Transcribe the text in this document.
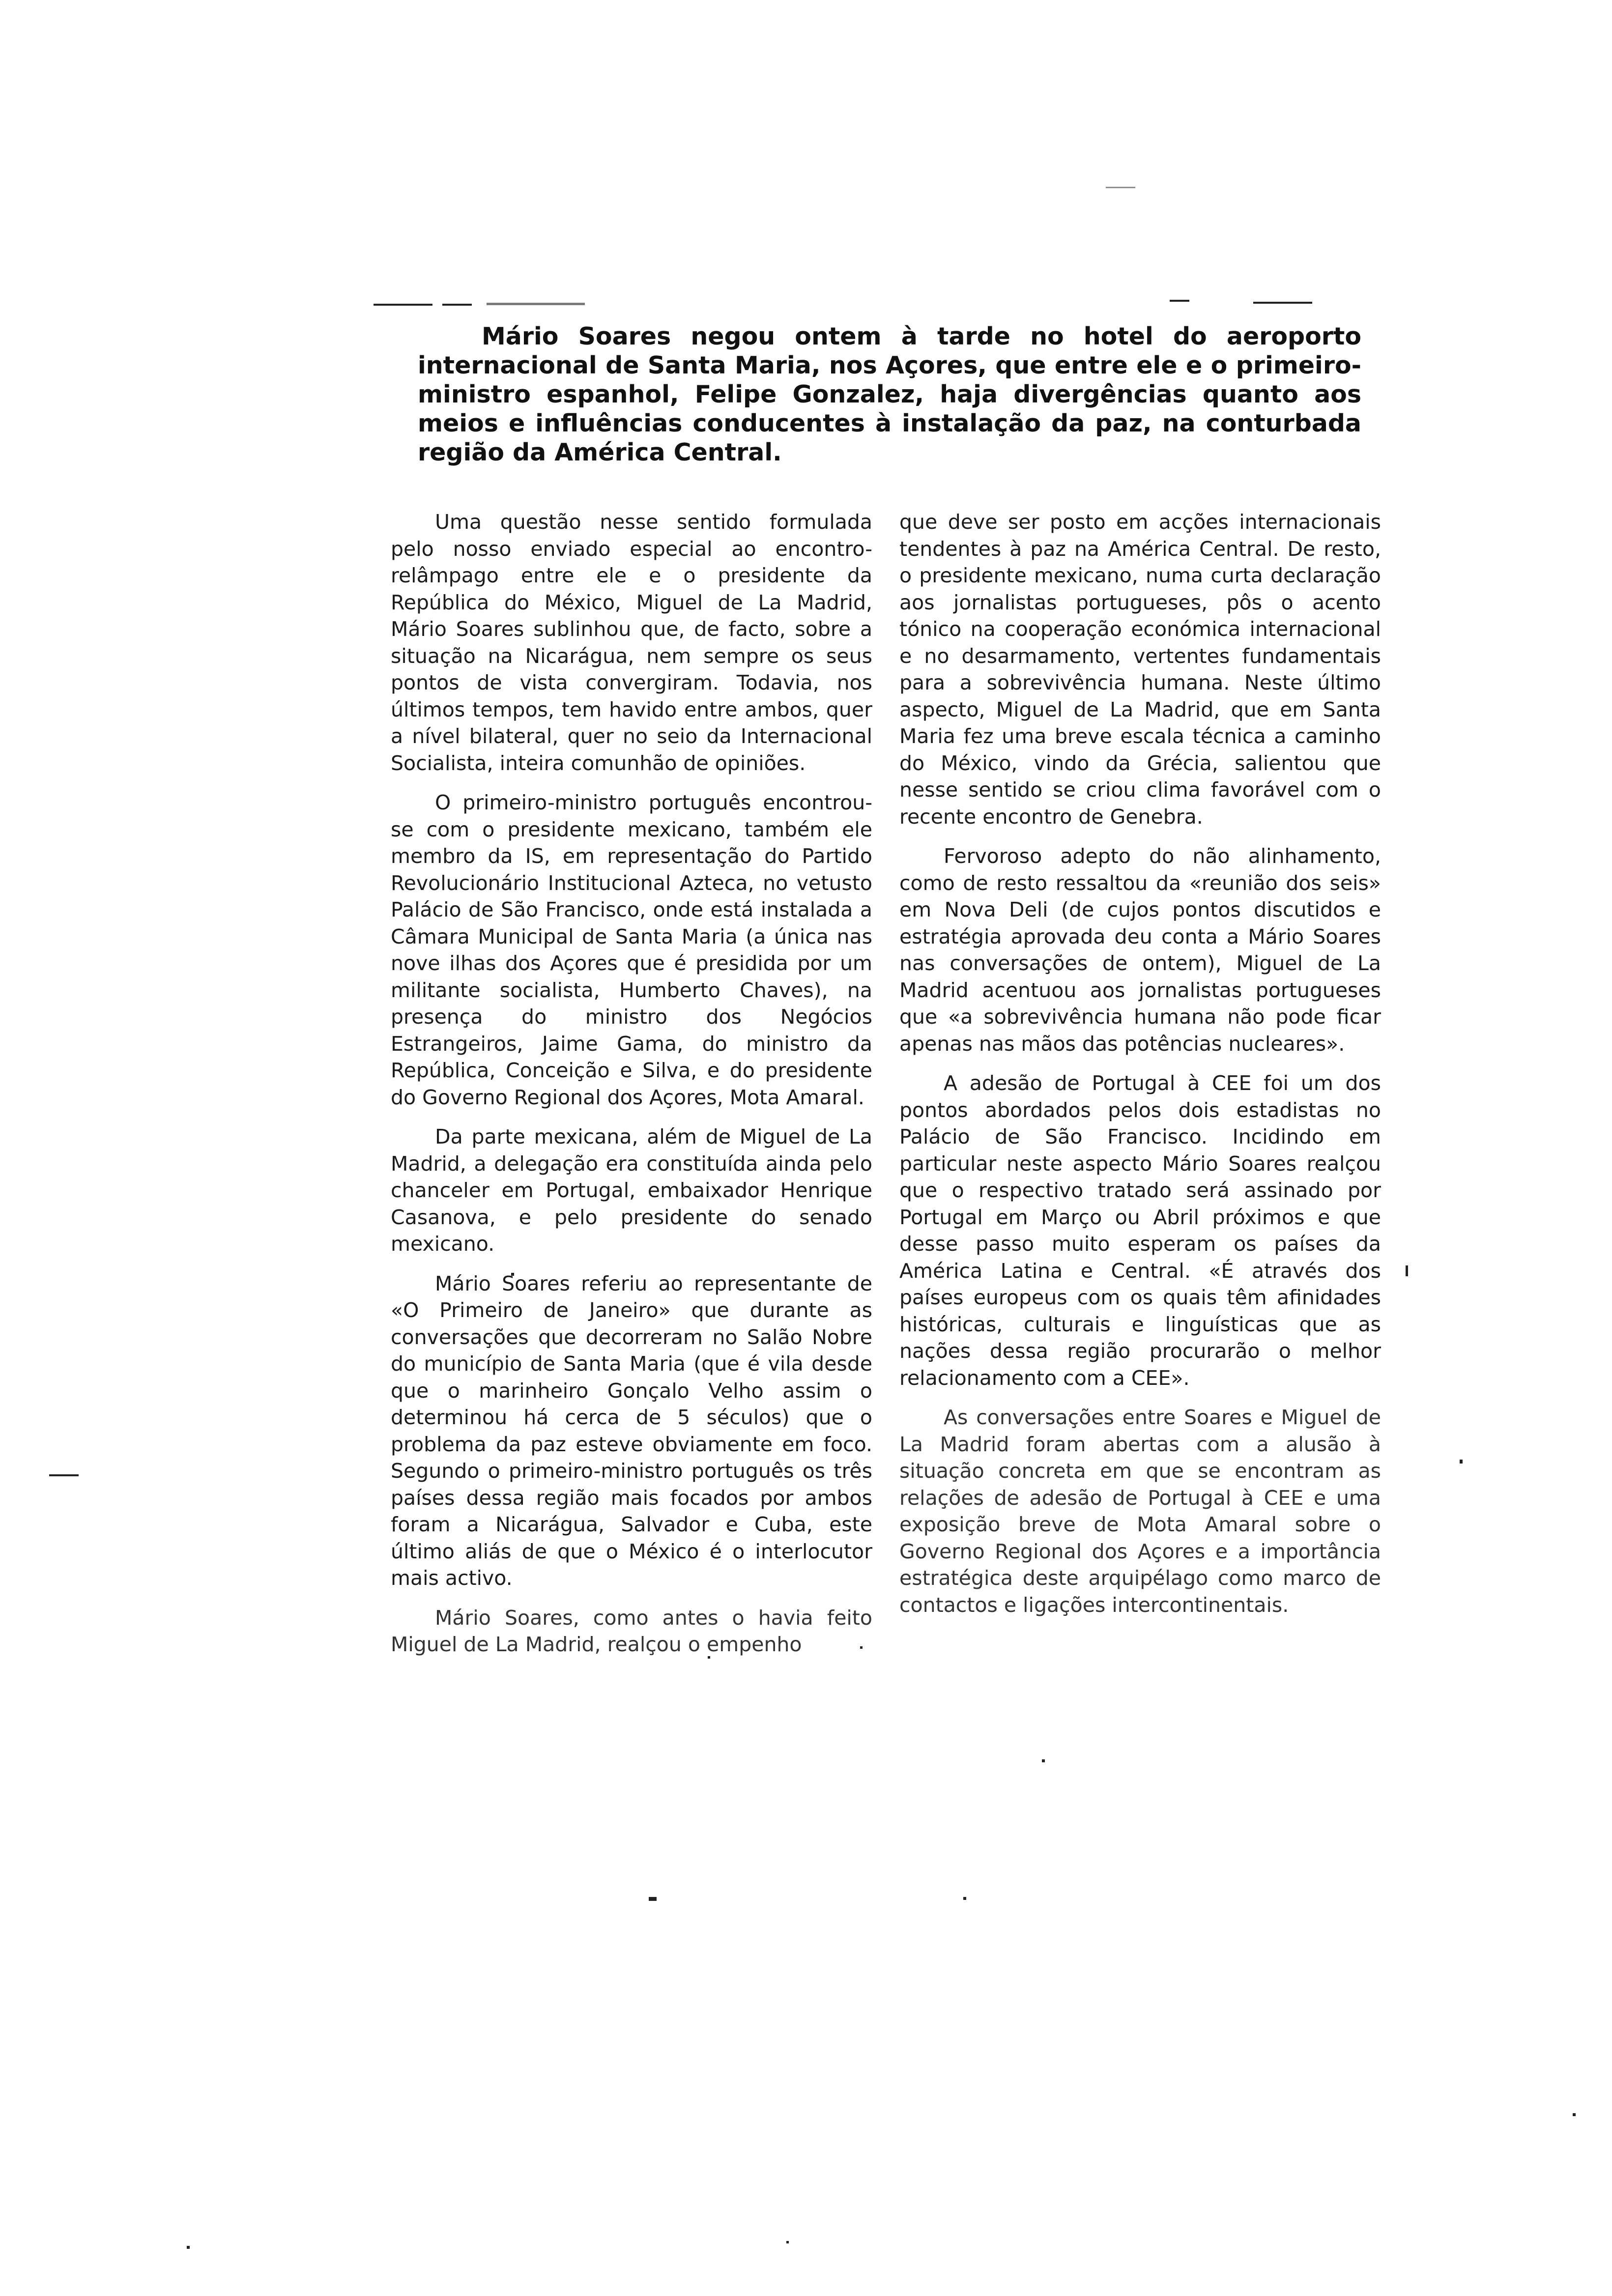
Mário Soares negou ontem à tarde no hotel do aeroporto internacional de Santa Maria, nos Açores, que entre ele e o primeiro-ministro espanhol, Felipe Gonzalez, haja divergências quanto aos meios e influências conducentes à instalação da paz, na conturbada região da América Central.

Uma questão nesse sentido formulada pelo nosso enviado especial ao encontro-relâmpago entre ele e o presidente da República do México, Miguel de La Madrid, Mário Soares sublinhou que, de facto, sobre a situação na Nicarágua, nem sempre os seus pontos de vista convergiram. Todavia, nos últimos tempos, tem havido entre ambos, quer a nível bilateral, quer no seio da Internacional Socialista, inteira comunhão de opiniões.

O primeiro-ministro português encontrou-se com o presidente mexicano, também ele membro da IS, em representação do Partido Revolucionário Institucional Azteca, no vetusto Palácio de São Francisco, onde está instalada a Câmara Municipal de Santa Maria (a única nas nove ilhas dos Açores que é presidida por um militante socialista, Humberto Chaves), na presença do ministro dos Negócios Estrangeiros, Jaime Gama, do ministro da República, Conceição e Silva, e do presidente do Governo Regional dos Açores, Mota Amaral.

Da parte mexicana, além de Miguel de La Madrid, a delegação era constituída ainda pelo chanceler em Portugal, embaixador Henrique Casanova, e pelo presidente do senado mexicano.

Mário Soares referiu ao representante de «O Primeiro de Janeiro» que durante as conversações que decorreram no Salão Nobre do município de Santa Maria (que é vila desde que o marinheiro Gonçalo Velho assim o determinou há cerca de 5 séculos) que o problema da paz esteve obviamente em foco. Segundo o primeiro-ministro português os três países dessa região mais focados por ambos foram a Nicarágua, Salvador e Cuba, este último aliás de que o México é o interlocutor mais activo.

Mário Soares, como antes o havia feito Miguel de La Madrid, realçou o empenho

que deve ser posto em acções internacionais tendentes à paz na América Central. De resto, o presidente mexicano, numa curta declaração aos jornalistas portugueses, pôs o acento tónico na cooperação económica internacional e no desarmamento, vertentes fundamentais para a sobrevivência humana. Neste último aspecto, Miguel de La Madrid, que em Santa Maria fez uma breve escala técnica a caminho do México, vindo da Grécia, salientou que nesse sentido se criou clima favorável com o recente encontro de Genebra.

Fervoroso adepto do não alinhamento, como de resto ressaltou da «reunião dos seis» em Nova Deli (de cujos pontos discutidos e estratégia aprovada deu conta a Mário Soares nas conversações de ontem), Miguel de La Madrid acentuou aos jornalistas portugueses que «a sobrevivência humana não pode ficar apenas nas mãos das potências nucleares».

A adesão de Portugal à CEE foi um dos pontos abordados pelos dois estadistas no Palácio de São Francisco. Incidindo em particular neste aspecto Mário Soares realçou que o respectivo tratado será assinado por Portugal em Março ou Abril próximos e que desse passo muito esperam os países da América Latina e Central. «É através dos países europeus com os quais têm afinidades históricas, culturais e linguísticas que as nações dessa região procurarão o melhor relacionamento com a CEE».

As conversações entre Soares e Miguel de La Madrid foram abertas com a alusão à situação concreta em que se encontram as relações de adesão de Portugal à CEE e uma exposição breve de Mota Amaral sobre o Governo Regional dos Açores e a importância estratégica deste arquipélago como marco de contactos e ligações intercontinentais.
